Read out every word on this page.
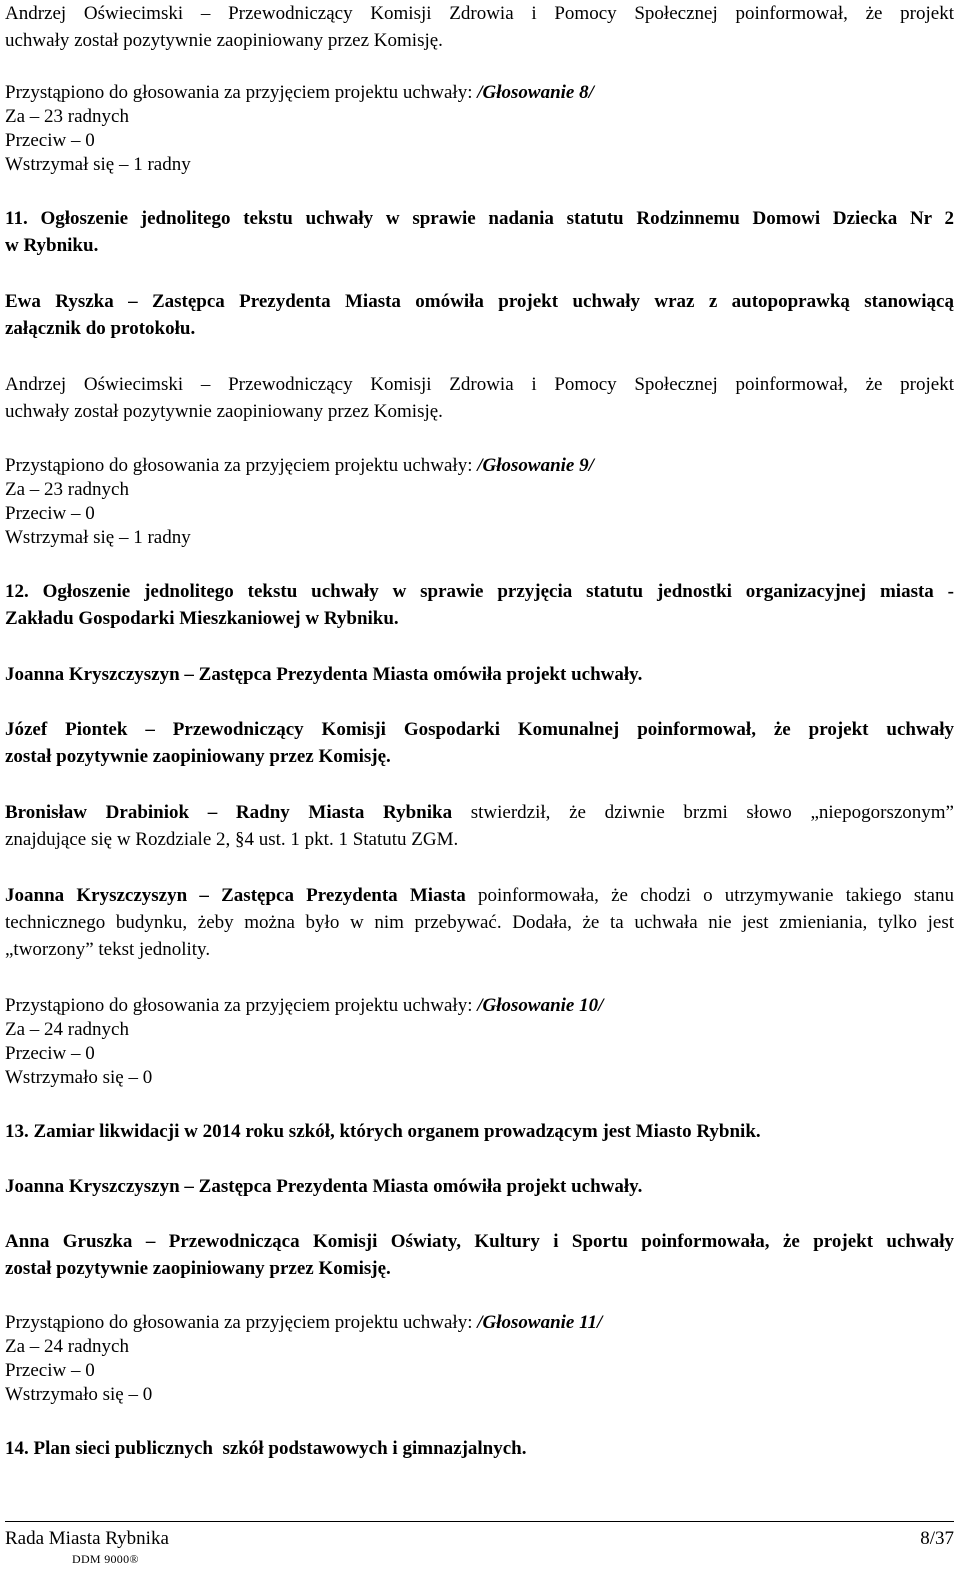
Andrzej Oświecimski – Przewodniczący Komisji Zdrowia i Pomocy Społecznej poinformował, że projekt
uchwały został pozytywnie zaopiniowany przez Komisję.
Przystąpiono do głosowania za przyjęciem projektu uchwały: /Głosowanie 8/
Za – 23 radnych
Przeciw – 0
Wstrzymał się – 1 radny
11. Ogłoszenie jednolitego tekstu uchwały w sprawie nadania statutu Rodzinnemu Domowi Dziecka Nr 2
w Rybniku.
Ewa Ryszka – Zastępca Prezydenta Miasta omówiła projekt uchwały wraz z autopoprawką stanowiącą
załącznik do protokołu.
Andrzej Oświecimski – Przewodniczący Komisji Zdrowia i Pomocy Społecznej poinformował, że projekt
uchwały został pozytywnie zaopiniowany przez Komisję.
Przystąpiono do głosowania za przyjęciem projektu uchwały: /Głosowanie 9/
Za – 23 radnych
Przeciw – 0
Wstrzymał się – 1 radny
12. Ogłoszenie jednolitego tekstu uchwały w sprawie przyjęcia statutu jednostki organizacyjnej miasta -
Zakładu Gospodarki Mieszkaniowej w Rybniku.
Joanna Kryszczyszyn – Zastępca Prezydenta Miasta omówiła projekt uchwały.
Józef Piontek – Przewodniczący Komisji Gospodarki Komunalnej poinformował, że projekt uchwały
został pozytywnie zaopiniowany przez Komisję.
Bronisław Drabiniok – Radny Miasta Rybnika stwierdził, że dziwnie brzmi słowo „niepogorszonym”
znajdujące się w Rozdziale 2, §4 ust. 1 pkt. 1 Statutu ZGM.
Joanna Kryszczyszyn – Zastępca Prezydenta Miasta poinformowała, że chodzi o utrzymywanie takiego stanu
technicznego budynku, żeby można było w nim przebywać. Dodała, że ta uchwała nie jest zmieniania, tylko jest
„tworzony” tekst jednolity.
Przystąpiono do głosowania za przyjęciem projektu uchwały: /Głosowanie 10/
Za – 24 radnych
Przeciw – 0
Wstrzymało się – 0
13. Zamiar likwidacji w 2014 roku szkół, których organem prowadzącym jest Miasto Rybnik.
Joanna Kryszczyszyn – Zastępca Prezydenta Miasta omówiła projekt uchwały.
Anna Gruszka – Przewodnicząca Komisji Oświaty, Kultury i Sportu poinformowała, że projekt uchwały
został pozytywnie zaopiniowany przez Komisję.
Przystąpiono do głosowania za przyjęciem projektu uchwały: /Głosowanie 11/
Za – 24 radnych
Przeciw – 0
Wstrzymało się – 0
14. Plan sieci publicznych  szkół podstawowych i gimnazjalnych.
Rada Miasta Rybnika	8/37
DDM 9000®
